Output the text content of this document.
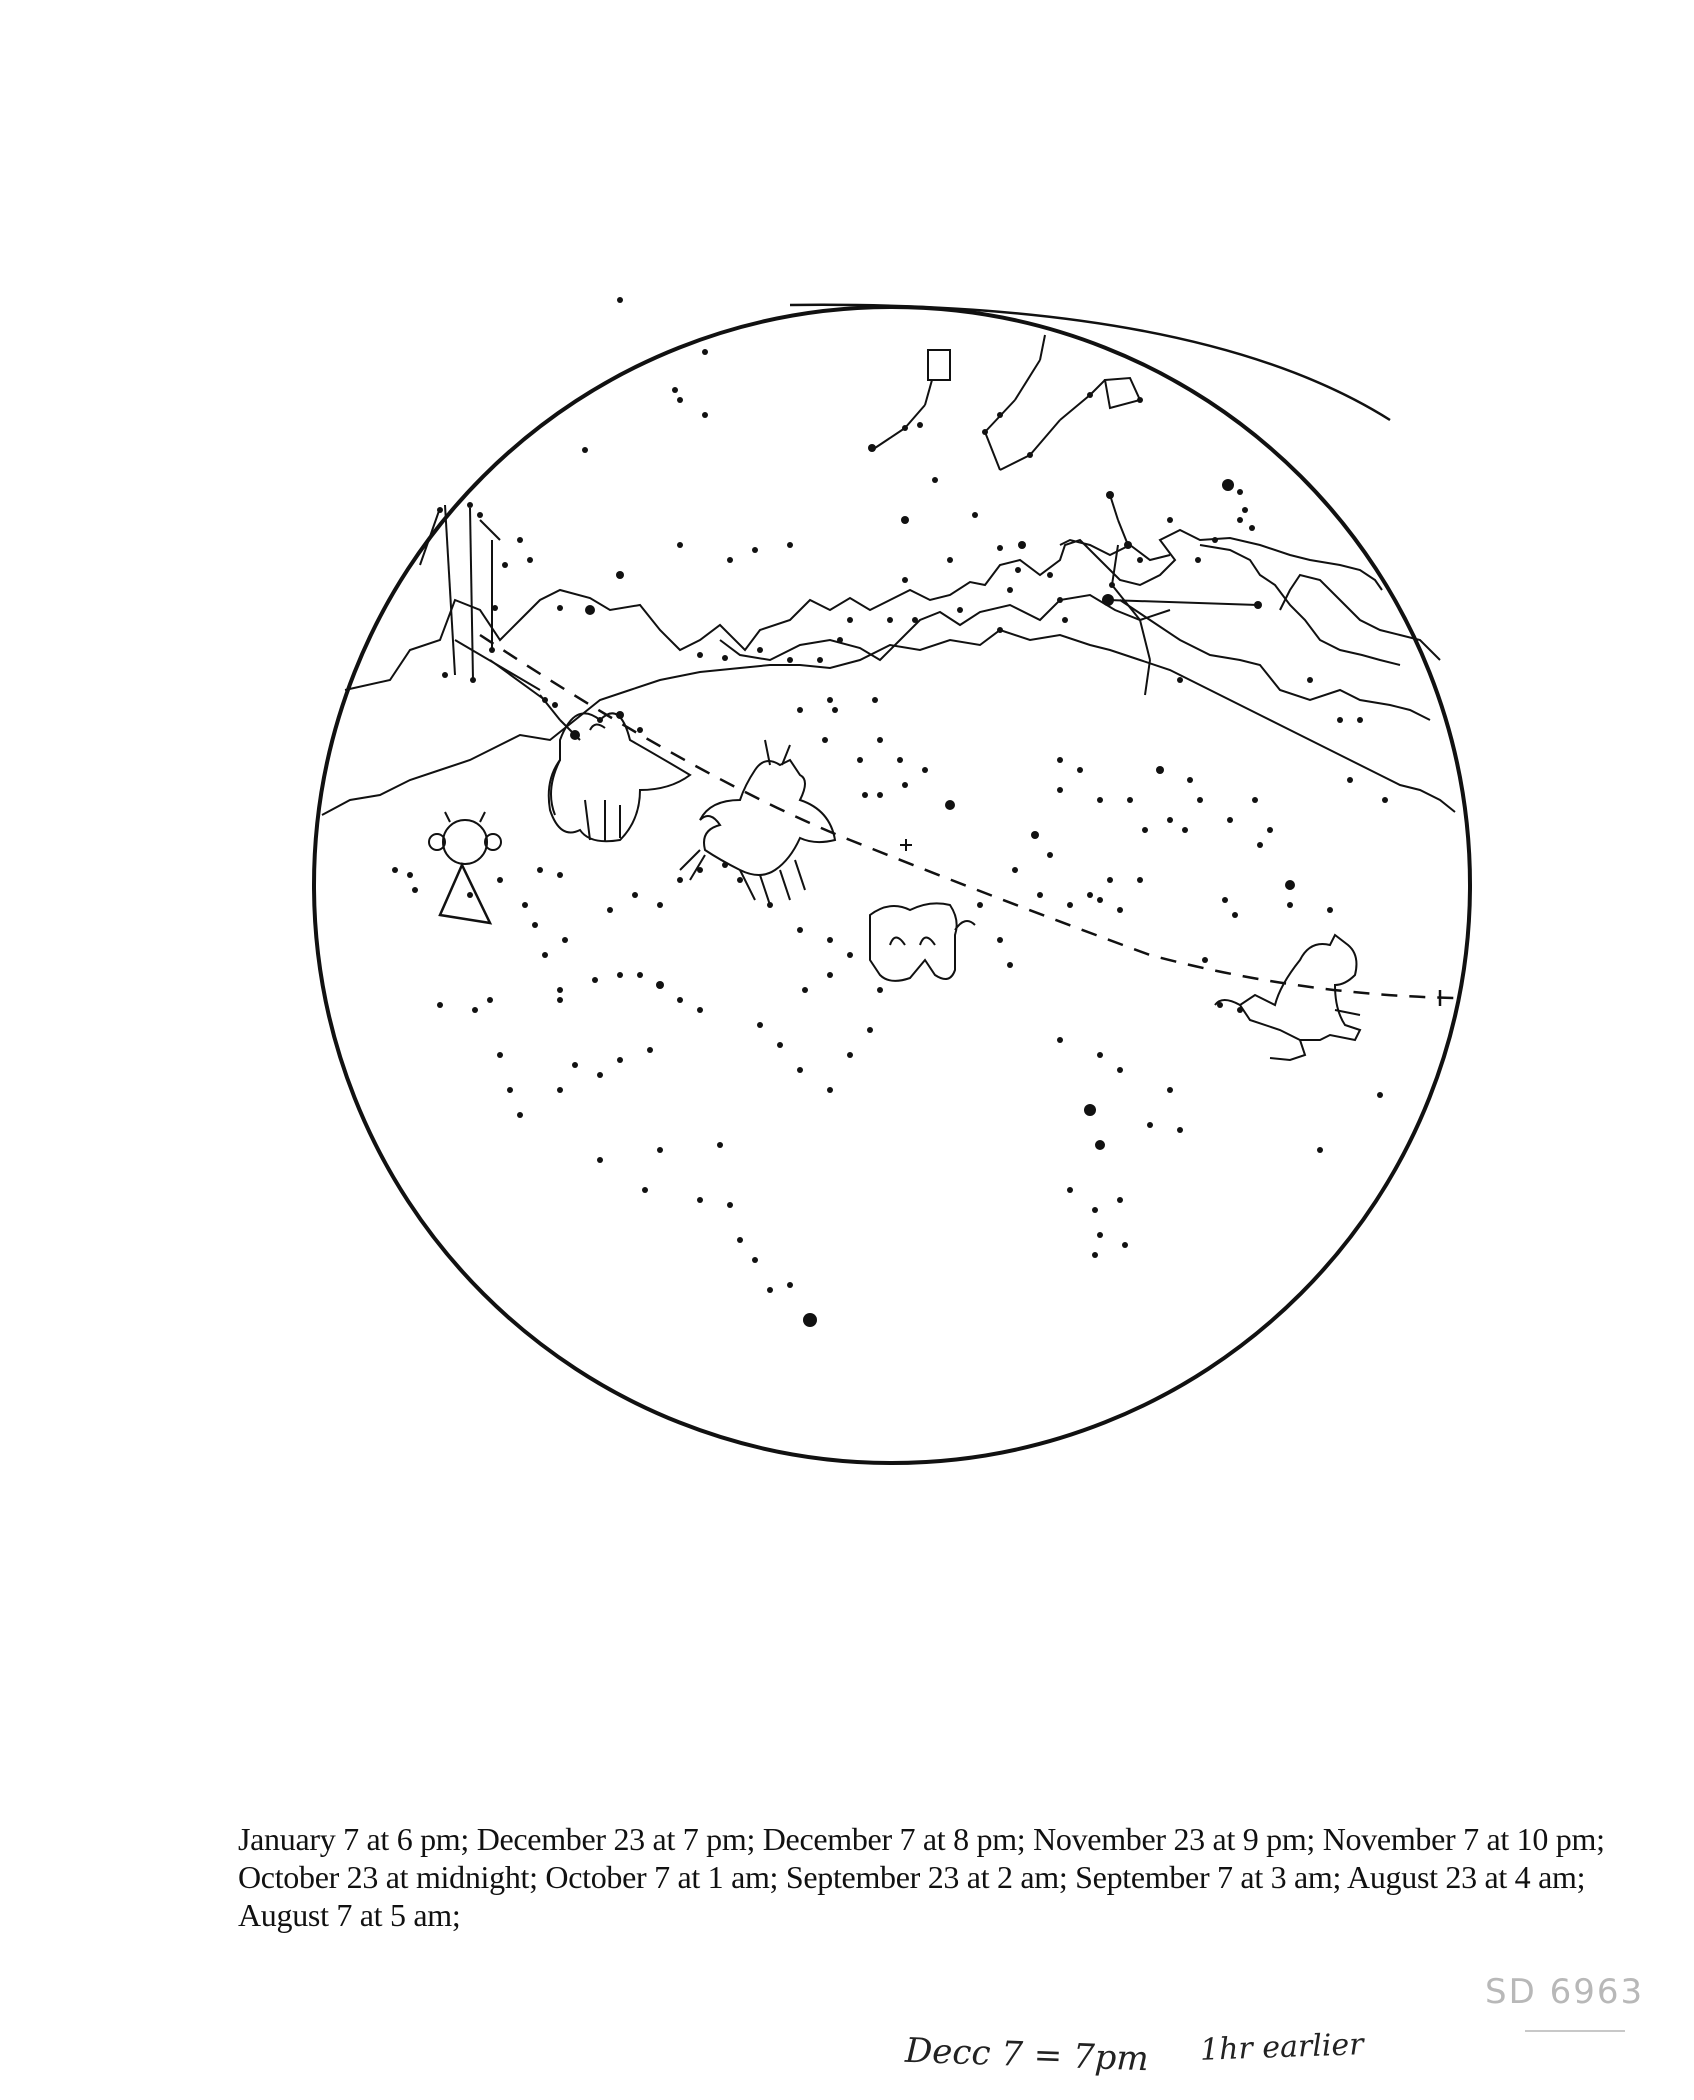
January 7 at 6 pm; December 23 at 7 pm; December 7 at 8 pm; November 23 at 9 pm; November 7 at 10 pm; October 23 at midnight; October 7 at 1 am; September 23 at 2 am; September 7 at 3 am; August 23 at 4 am; August 7 at 5 am;
Decc 7 = 7pm 1hr earlier
SD 6963
